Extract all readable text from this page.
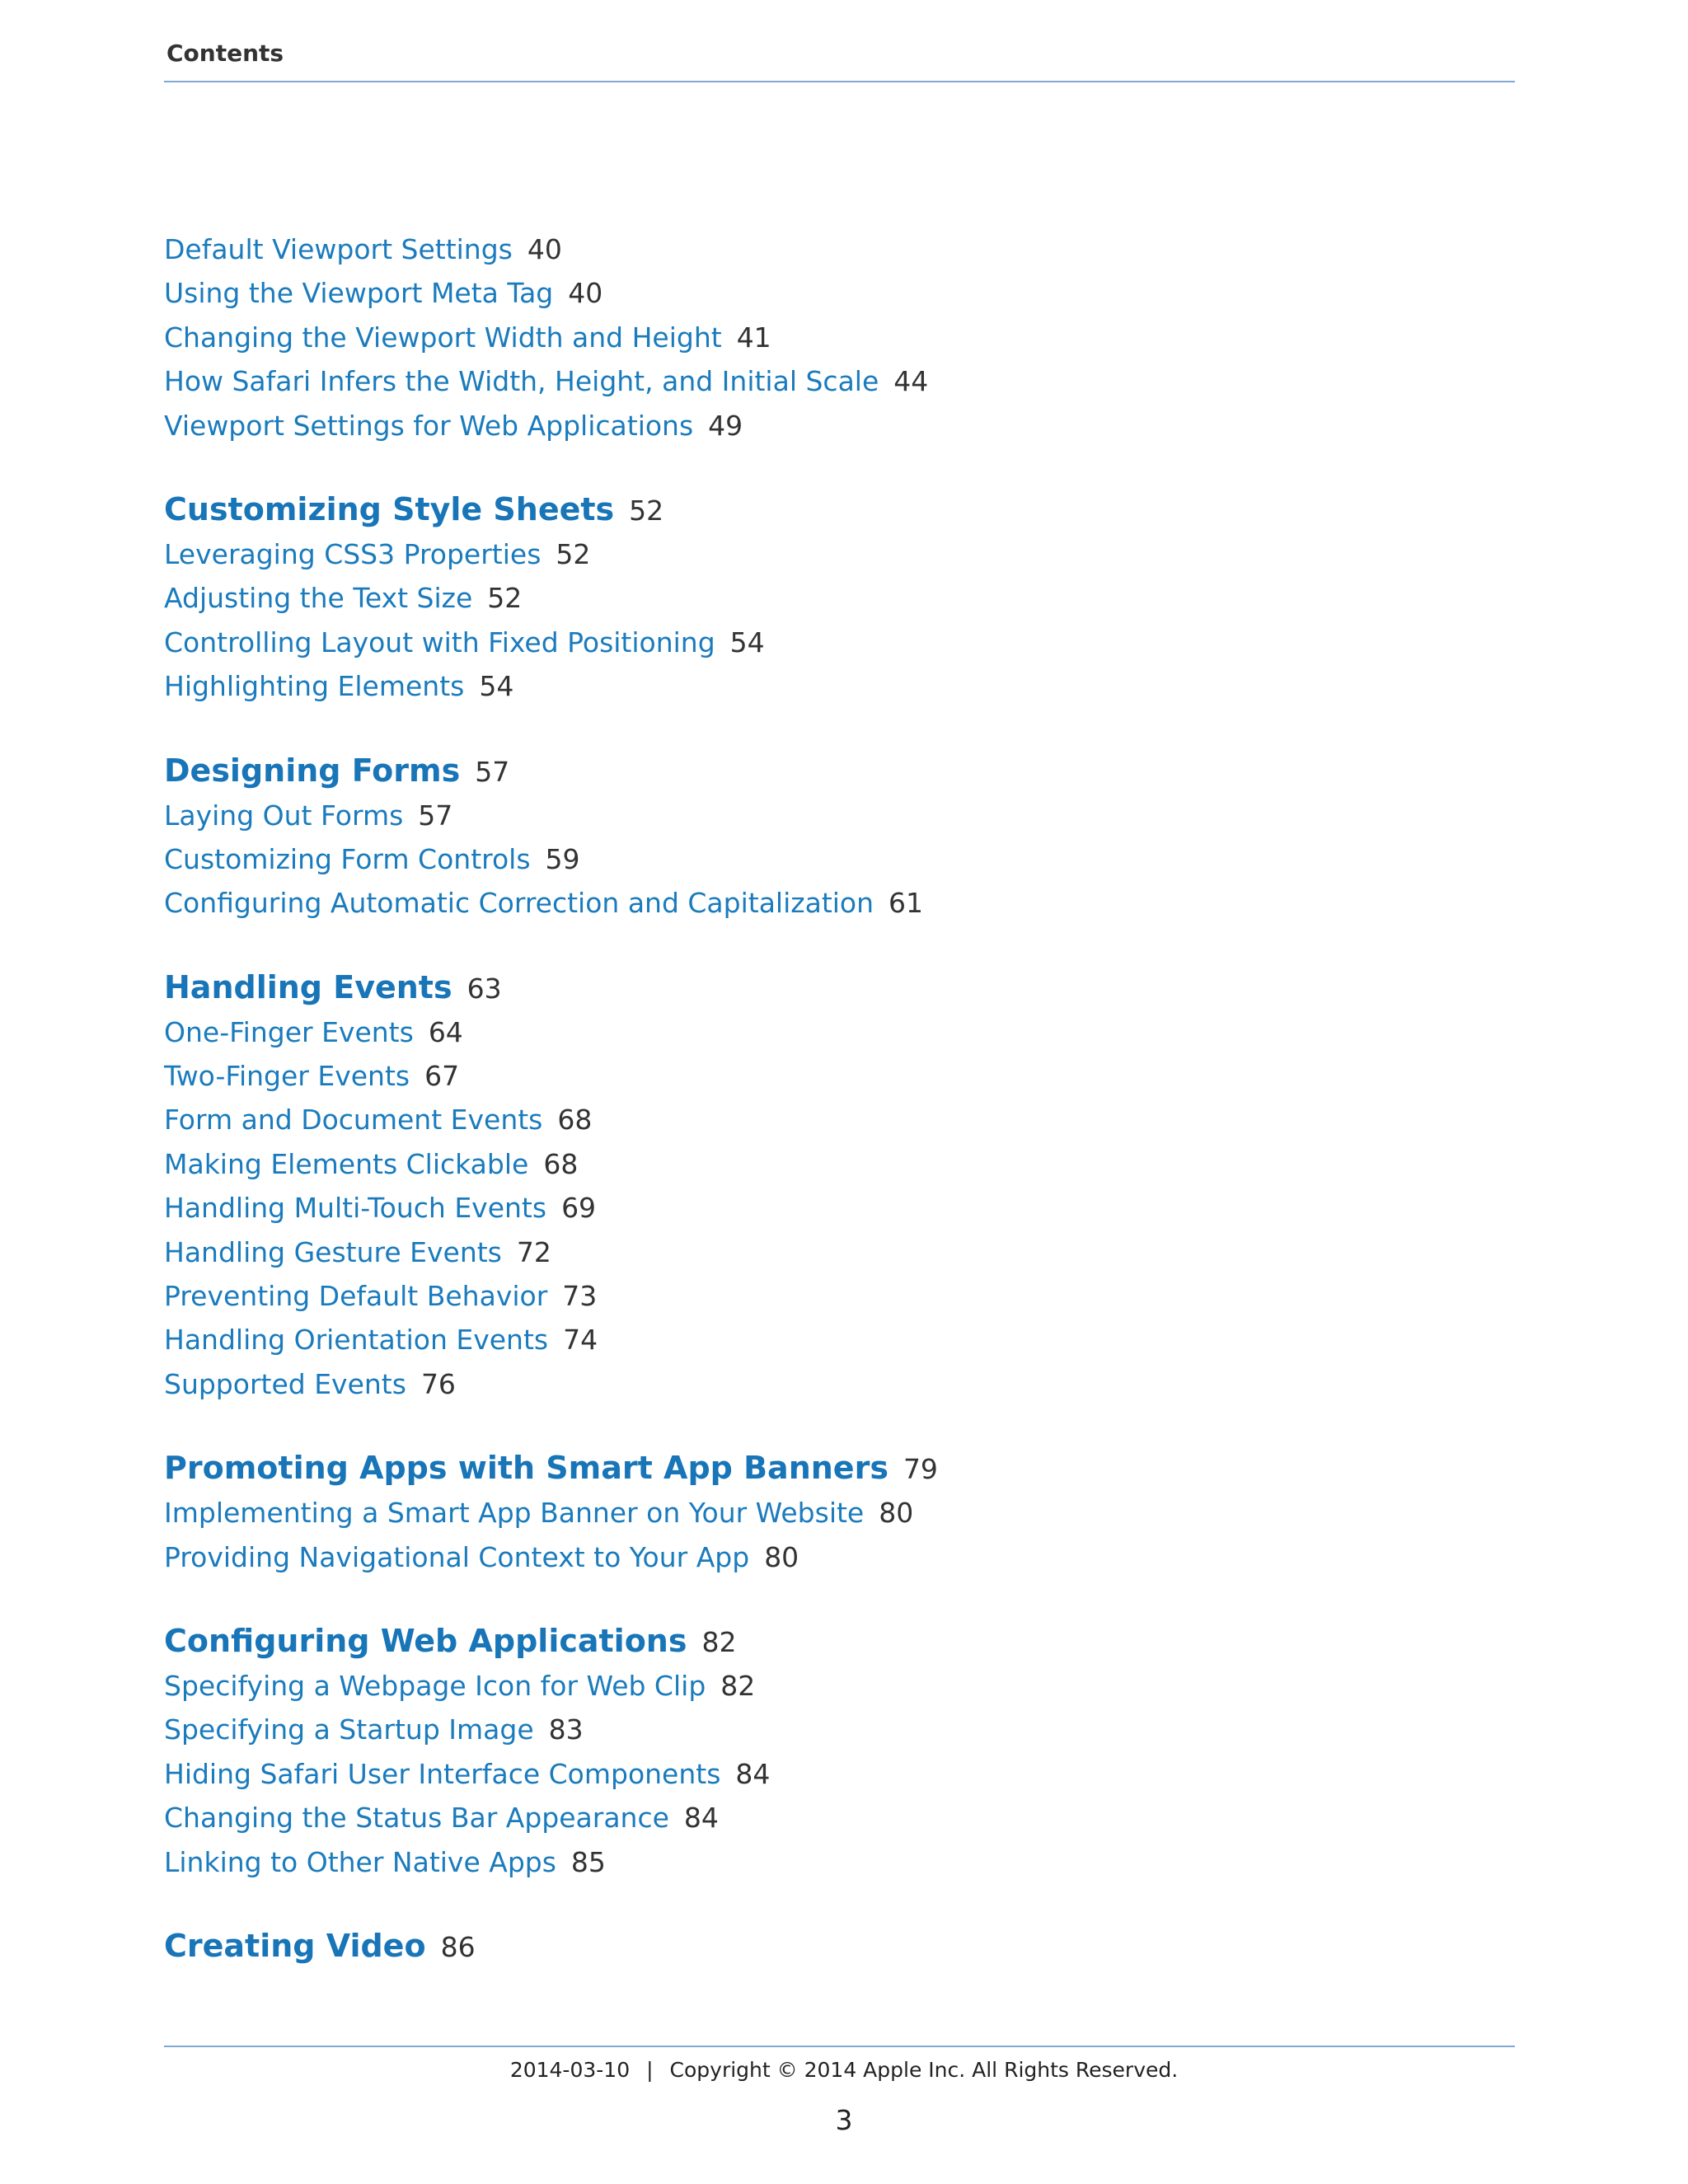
Contents
Default Viewport Settings 40
Using the Viewport Meta Tag 40
Changing the Viewport Width and Height 41
How Safari Infers the Width, Height, and Initial Scale 44
Viewport Settings for Web Applications 49
Customizing Style Sheets 52
Leveraging CSS3 Properties 52
Adjusting the Text Size 52
Controlling Layout with Fixed Positioning 54
Highlighting Elements 54
Designing Forms 57
Laying Out Forms 57
Customizing Form Controls 59
Configuring Automatic Correction and Capitalization 61
Handling Events 63
One-Finger Events 64
Two-Finger Events 67
Form and Document Events 68
Making Elements Clickable 68
Handling Multi-Touch Events 69
Handling Gesture Events 72
Preventing Default Behavior 73
Handling Orientation Events 74
Supported Events 76
Promoting Apps with Smart App Banners 79
Implementing a Smart App Banner on Your Website 80
Providing Navigational Context to Your App 80
Configuring Web Applications 82
Specifying a Webpage Icon for Web Clip 82
Specifying a Startup Image 83
Hiding Safari User Interface Components 84
Changing the Status Bar Appearance 84
Linking to Other Native Apps 85
Creating Video 86
2014-03-10 | Copyright © 2014 Apple Inc. All Rights Reserved.
3
